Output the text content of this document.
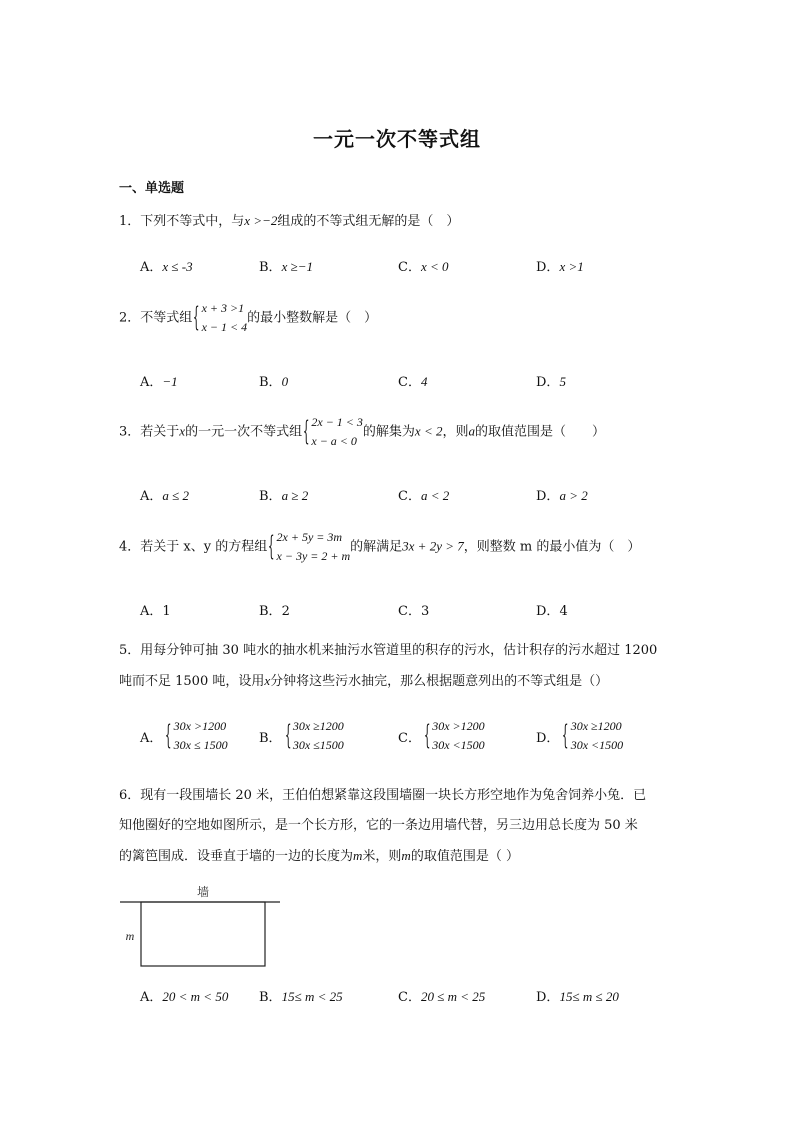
一元一次不等式组
一、单选题
1．下列不等式中，与x >−2组成的不等式组无解的是（　）
A．x ≤ -3	B．x ≥−1	C．x < 0	D．x >1
2．不等式组 { x + 3 >1
x − 1 < 4
的最小整数解是（　）
A．−1	B．0	C．4	D．5
3．若关于x的一元一次不等式组 { 2x − 1 < 3
x − a < 0
的解集为x < 2，则a的取值范围是（　　）
A．a ≤ 2	B．a ≥ 2	C．a < 2	D．a > 2
4．若关于 x、y 的方程组 { 2x + 5y = 3m
x − 3y = 2 + m
的解满足3x + 2y > 7，则整数 m 的最小值为（　）
A．1	B．2	C．3	D．4
5．用每分钟可抽 30 吨水的抽水机来抽污水管道里的积存的污水，估计积存的污水超过 1200
吨而不足 1500 吨，设用x分钟将这些污水抽完，那么根据题意列出的不等式组是（）
A． { 30x >1200
30x ≤ 1500 B． { 30x ≥1200
30x ≤1500	C． { 30x >1200
30x <1500	D． { 30x ≥1200
30x <1500
6．现有一段围墙长 20 米，王伯伯想紧靠这段围墙圈一块长方形空地作为兔舍饲养小兔．已
知他圈好的空地如图所示，是一个长方形，它的一条边用墙代替，另三边用总长度为 50 米
的篱笆围成．设垂直于墙的一边的长度为m米，则m的取值范围是（ ）
墙
m
A．20 < m < 50 B．15≤ m < 25	C．20 ≤ m < 25	D．15≤ m ≤ 20
